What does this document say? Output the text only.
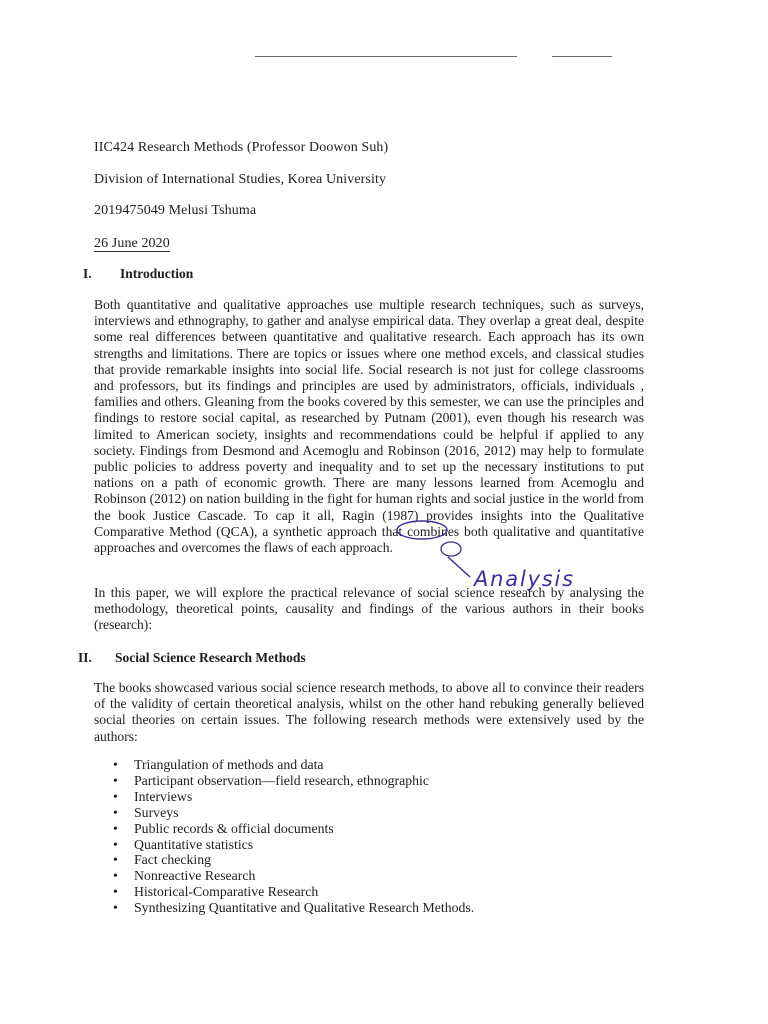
IIC424 Research Methods (Professor Doowon Suh)
Division of International Studies, Korea University
2019475049 Melusi Tshuma
26 June 2020
I. Introduction

Both quantitative and qualitative approaches use multiple research techniques, such as surveys, interviews and ethnography, to gather and analyse empirical data. They overlap a great deal, despite some real differences between quantitative and qualitative research. Each approach has its own strengths and limitations. There are topics or issues where one method excels, and classical studies that provide remarkable insights into social life. Social research is not just for college classrooms and professors, but its findings and principles are used by administrators, officials, individuals , families and others. Gleaning from the books covered by this semester, we can use the principles and findings to restore social capital, as researched by Putnam (2001), even though his research was limited to American society, insights and recommendations could be helpful if applied to any society. Findings from Desmond and Acemoglu and Robinson (2016, 2012) may help to formulate public policies to address poverty and inequality and to set up the necessary institutions to put nations on a path of economic growth. There are many lessons learned from Acemoglu and Robinson (2012) on nation building in the fight for human rights and social justice in the world from the book Justice Cascade. To cap it all, Ragin (1987) provides insights into the Qualitative Comparative Method (QCA), a synthetic approach that combines both qualitative and quantitative approaches and overcomes the flaws of each approach.

In this paper, we will explore the practical relevance of social science research by analysing the methodology, theoretical points, causality and findings of the various authors in their books (research):

II. Social Science Research Methods

The books showcased various social science research methods, to above all to convince their readers of the validity of certain theoretical analysis, whilst on the other hand rebuking generally believed social theories on certain issues. The following research methods were extensively used by the authors:

• Triangulation of methods and data
• Participant observation—field research, ethnographic
• Interviews
• Surveys
• Public records & official documents
• Quantitative statistics
• Fact checking
• Nonreactive Research
• Historical-Comparative Research
• Synthesizing Quantitative and Qualitative Research Methods.
Analysis
